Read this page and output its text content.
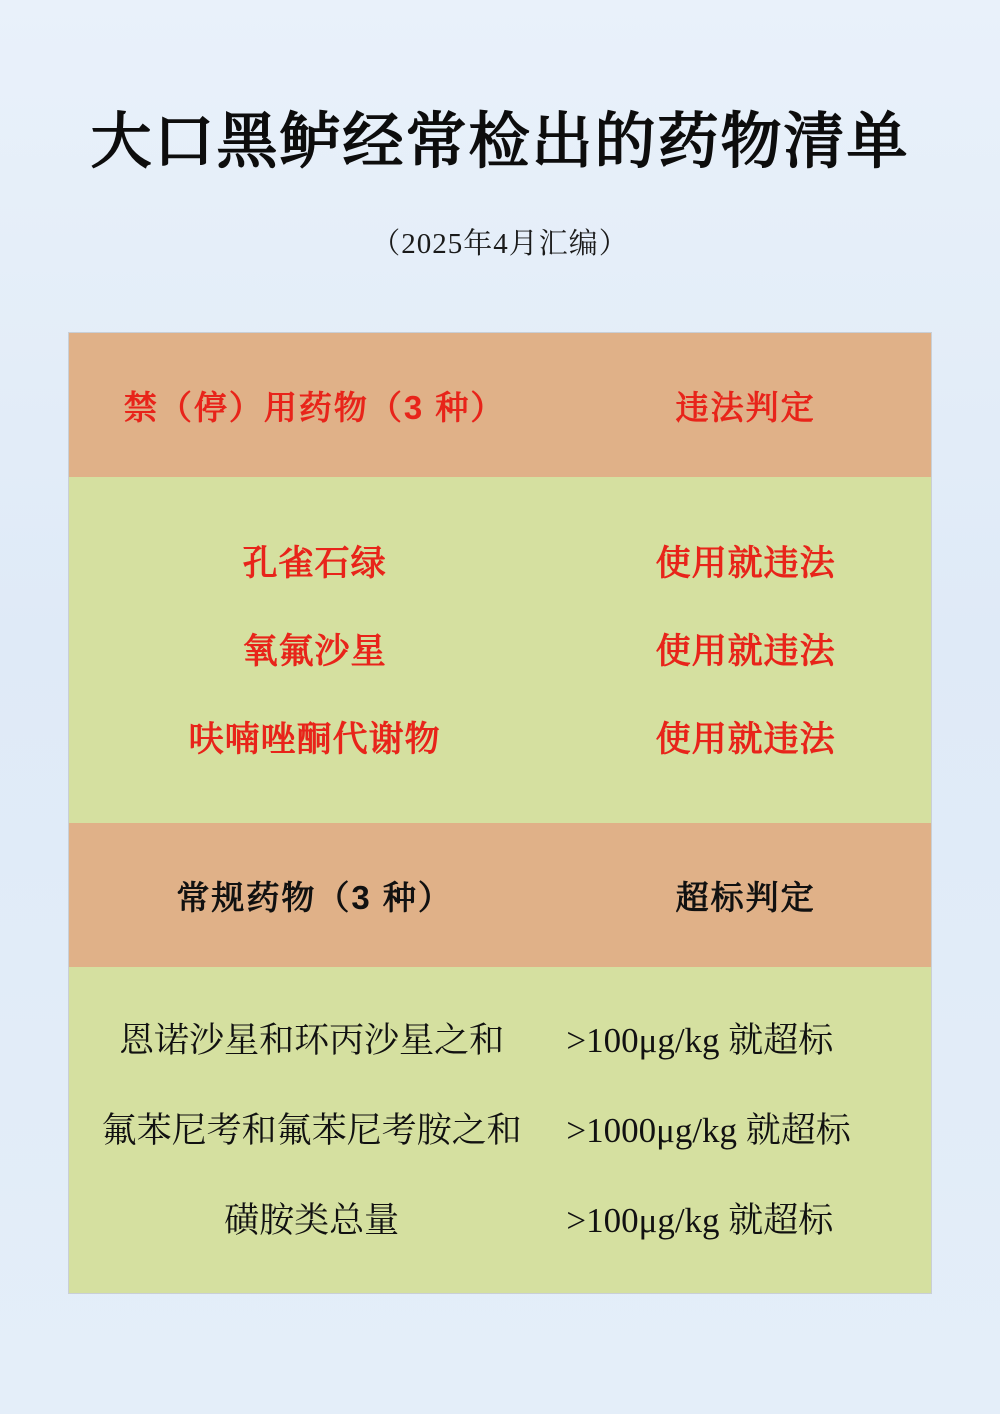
大口黑鲈经常检出的药物清单
（2025年4月汇编）
禁（停）用药物（3 种）	违法判定
孔雀石绿	使用就违法
氧氟沙星	使用就违法
呋喃唑酮代谢物	使用就违法
常规药物（3 种）	超标判定
恩诺沙星和环丙沙星之和	>100μg/kg 就超标
氟苯尼考和氟苯尼考胺之和	>1000μg/kg 就超标
磺胺类总量	>100μg/kg 就超标
